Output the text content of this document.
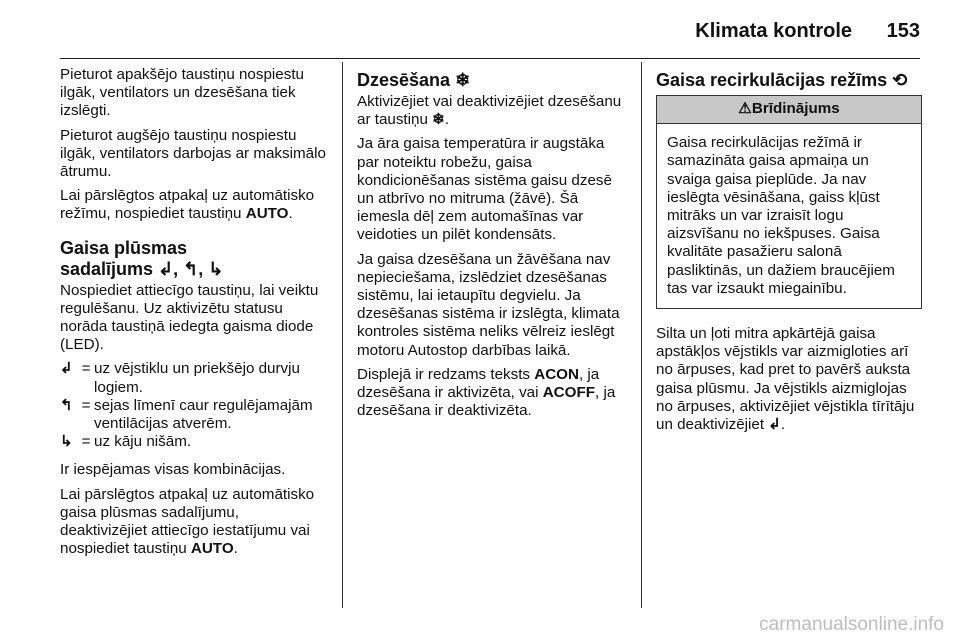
Klimata kontrole 153

Pieturot apakšējo taustiņu nospiestu ilgāk, ventilators un dzesēšana tiek izslēgti.

Pieturot augšējo taustiņu nospiestu ilgāk, ventilators darbojas ar maksimālo ātrumu.

Lai pārslēgtos atpakaļ uz automātisko režīmu, nospiediet taustiņu AUTO.

Gaisa plūsmas
sadalījums ↲, ↰, ↳

Nospiediet attiecīgo taustiņu, lai veiktu regulēšanu. Uz aktivizētu statusu norāda taustiņā iedegta gaisma diode (LED).

↲ = uz vējstiklu un priekšējo durvju logiem.
↰ = sejas līmenī caur regulējamajām ventilācijas atverēm.
↳ = uz kāju nišām.

Ir iespējamas visas kombinācijas.

Lai pārslēgtos atpakaļ uz automātisko gaisa plūsmas sadalījumu, deaktivizējiet attiecīgo iestatījumu vai nospiediet taustiņu AUTO.

Dzesēšana ❄

Aktivizējiet vai deaktivizējiet dzesēšanu ar taustiņu ❄.

Ja āra gaisa temperatūra ir augstāka par noteiktu robežu, gaisa kondicionēšanas sistēma gaisu dzesē un atbrīvo no mitruma (žāvē). Šā iemesla dēļ zem automašīnas var veidoties un pilēt kondensāts.

Ja gaisa dzesēšana un žāvēšana nav nepieciešama, izslēdziet dzesēšanas sistēmu, lai ietaupītu degvielu. Ja dzesēšanas sistēma ir izslēgta, klimata kontroles sistēma neliks vēlreiz ieslēgt motoru Autostop darbības laikā.

Displejā ir redzams teksts ACON, ja dzesēšana ir aktivizēta, vai ACOFF, ja dzesēšana ir deaktivizēta.

Gaisa recirkulācijas režīms ⟲
⚠Brīdinājums
Gaisa recirkulācijas režīmā ir samazināta gaisa apmaiņa un svaiga gaisa pieplūde. Ja nav ieslēgta vēsināšana, gaiss kļūst mitrāks un var izraisīt logu aizsvīšanu no iekšpuses. Gaisa kvalitāte pasažieru salonā pasliktinās, un dažiem braucējiem tas var izsaukt miegainību.

Silta un ļoti mitra apkārtējā gaisa apstākļos vējstikls var aizmigloties arī no ārpuses, kad pret to pavērš auksta gaisa plūsmu. Ja vējstikls aizmiglojas no ārpuses, aktivizējiet vējstikla tīrītāju un deaktivizējiet ↲.

carmanualsonline.info
